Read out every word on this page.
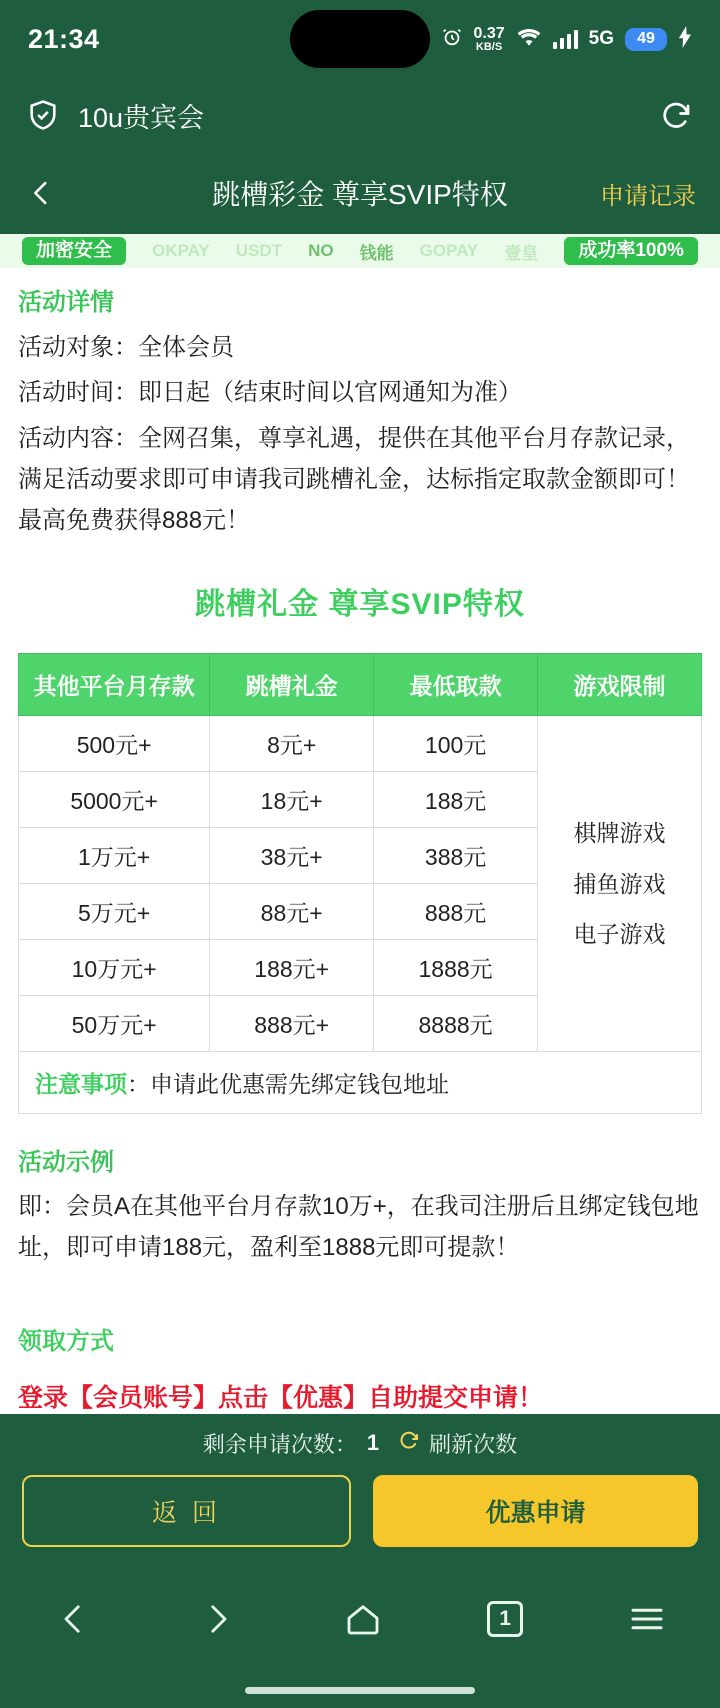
21:34	0.37
KB/S	5G	49
10u贵宾会
跳槽彩金 尊享SVIP特权	申请记录
加密安全	OKPAY USDT NO 钱能 GOPAY 壹皇	成功率100%
活动详情

活动对象：全体会员

活动时间：即日起（结束时间以官网通知为准）

活动内容：全网召集，尊享礼遇，提供在其他平台月存款记录，满足活动要求即可申请我司跳槽礼金，达标指定取款金额即可！最高免费获得888元！

跳槽礼金 尊享SVIP特权
其他平台月存款	跳槽礼金	最低取款	游戏限制
500元+	8元+	100元	棋牌游戏
捕鱼游戏
电子游戏

5000元+	18元+	188元	
1万元+	38元+	388元	
5万元+	88元+	888元	
10万元+	188元+	1888元	
50万元+	888元+	8888元	
注意事项：申请此优惠需先绑定钱包地址			
活动示例

即：会员A在其他平台月存款10万+，在我司注册后且绑定钱包地址，即可申请188元，盈利至1888元即可提款！

领取方式
登录【会员账号】点击【优惠】自助提交申请！
剩余申请次数： 1 刷新次数
返 回	优惠申请
1
